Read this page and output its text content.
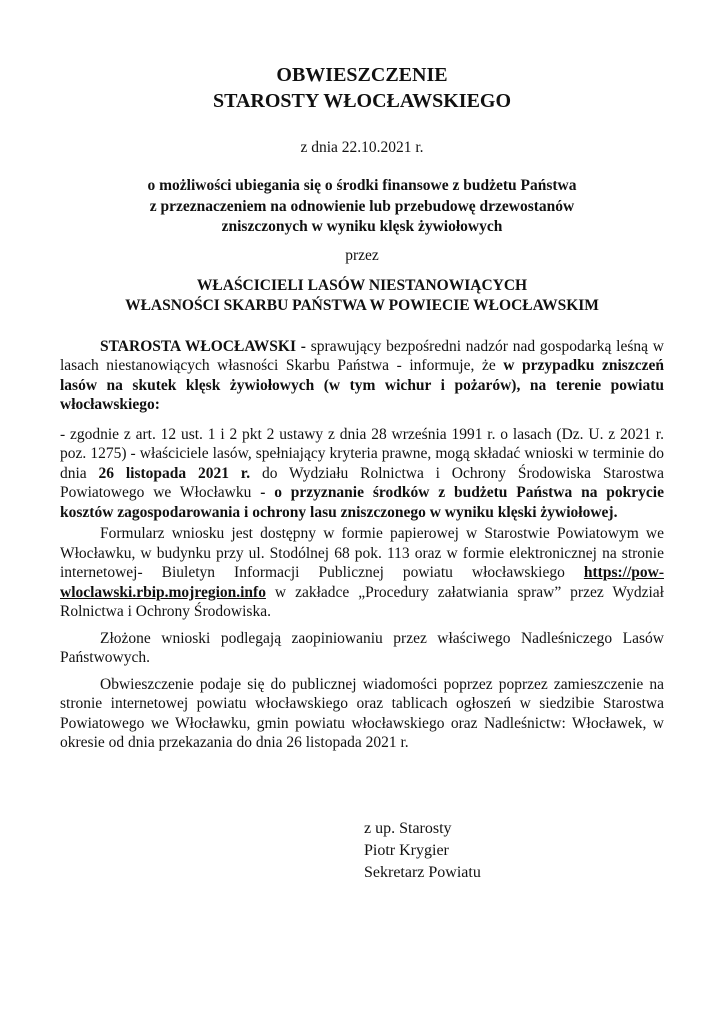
OBWIESZCZENIE
STAROSTY WŁOCŁAWSKIEGO

z dnia 22.10.2021 r.

o możliwości ubiegania się o środki finansowe z budżetu Państwa
z przeznaczeniem na odnowienie lub przebudowę drzewostanów
zniszczonych w wyniku klęsk żywiołowych

przez

WŁAŚCICIELI LASÓW NIESTANOWIĄCYCH
WŁASNOŚCI SKARBU PAŃSTWA W POWIECIE WŁOCŁAWSKIM

STAROSTA WŁOCŁAWSKI - sprawujący bezpośredni nadzór nad gospodarką leśną w lasach niestanowiących własności Skarbu Państwa - informuje, że w przypadku zniszczeń lasów na skutek klęsk żywiołowych (w tym wichur i pożarów), na terenie powiatu włocławskiego:

- zgodnie z art. 12 ust. 1 i 2 pkt 2 ustawy z dnia 28 września 1991 r. o lasach (Dz. U. z 2021 r. poz. 1275) - właściciele lasów, spełniający kryteria prawne, mogą składać wnioski w terminie do dnia 26 listopada 2021 r. do Wydziału Rolnictwa i Ochrony Środowiska Starostwa Powiatowego we Włocławku - o przyznanie środków z budżetu Państwa na pokrycie kosztów zagospodarowania i ochrony lasu zniszczonego w wyniku klęski żywiołowej.

Formularz wniosku jest dostępny w formie papierowej w Starostwie Powiatowym we Włocławku, w budynku przy ul. Stodólnej 68 pok. 113 oraz w formie elektronicznej na stronie internetowej- Biuletyn Informacji Publicznej powiatu włocławskiego https://pow-wloclawski.rbip.mojregion.info w zakładce „Procedury załatwiania spraw” przez Wydział Rolnictwa i Ochrony Środowiska.

Złożone wnioski podlegają zaopiniowaniu przez właściwego Nadleśniczego Lasów Państwowych.

Obwieszczenie podaje się do publicznej wiadomości poprzez poprzez zamieszczenie na stronie internetowej powiatu włocławskiego oraz tablicach ogłoszeń w siedzibie Starostwa Powiatowego we Włocławku, gmin powiatu włocławskiego oraz Nadleśnictw: Włocławek, w okresie od dnia przekazania do dnia 26 listopada 2021 r.

z up. Starosty
Piotr Krygier
Sekretarz Powiatu
